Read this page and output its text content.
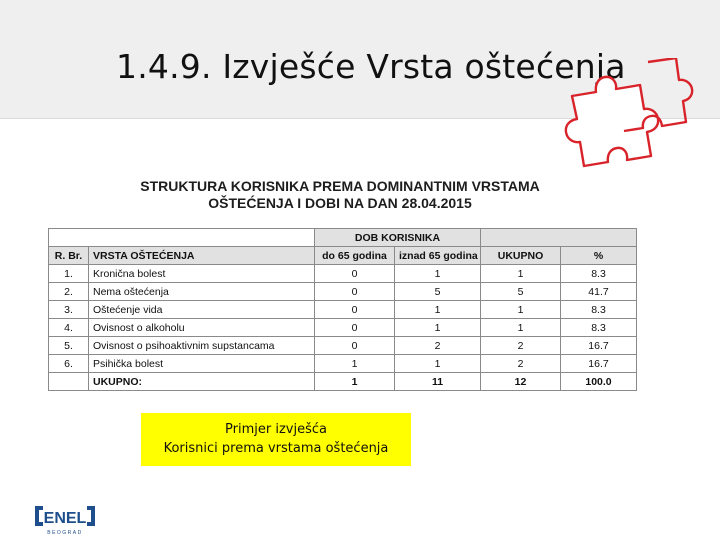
1.4.9. Izvješće Vrsta oštećenja
STRUKTURA KORISNIKA PREMA DOMINANTNIM VRSTAMA
OŠTEĆENJA I DOBI NA DAN 28.04.2015
		DOB KORISNIKA			
R. Br.	VRSTA OŠTEĆENJA	do 65 godina	iznad 65 godina	UKUPNO	%
1.	Kronična bolest	0	1	1	8.3
2.	Nema oštećenja	0	5	5	41.7
3.	Oštećenje vida	0	1	1	8.3
4.	Ovisnost o alkoholu	0	1	1	8.3
5.	Ovisnost o psihoaktivnim supstancama	0	2	2	16.7
6.	Psihička bolest	1	1	2	16.7
	UKUPNO:	1	11	12	100.0
Primjer izvješća
Korisnici prema vrstama oštećenja
ENEL
BEOGRAD
